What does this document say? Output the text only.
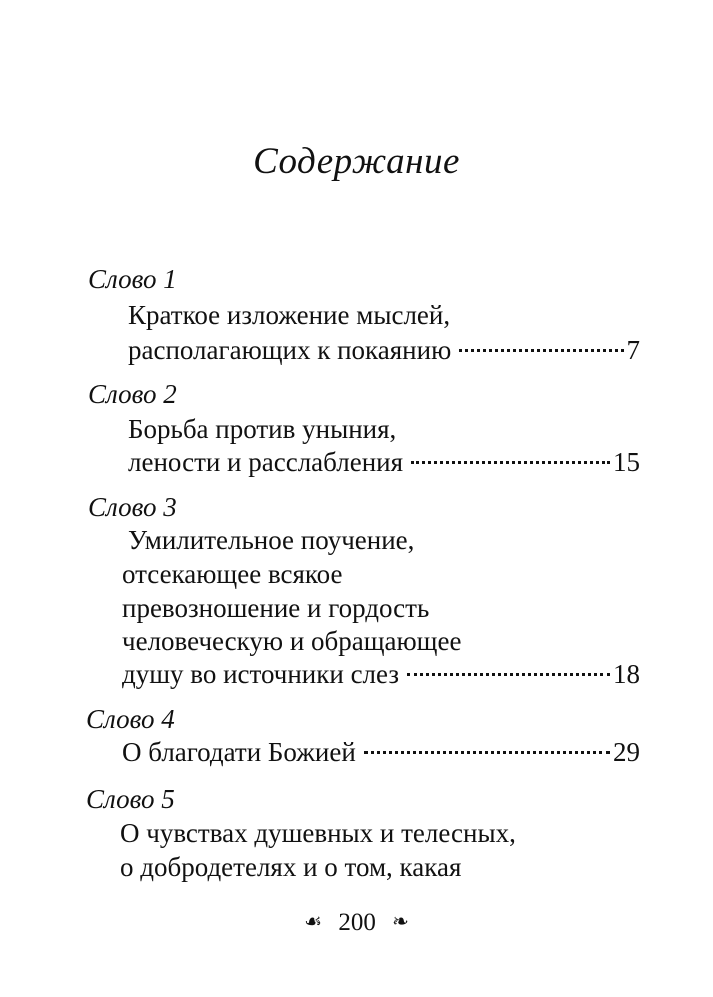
Содержание
Слово 1
Краткое изложение мыслей,
располагающих к покаянию	7
Слово 2
Борьба против уныния,
лености и расслабления	15
Слово 3
Умилительное поучение,
отсекающее всякое
превозношение и гордость
человеческую и обращающее
душу во источники слез	18
Слово 4
О благодати Божией	29
Слово 5
О чувствах душевных и телесных,
о добродетелях и о том, какая
☙ 200 ❧
